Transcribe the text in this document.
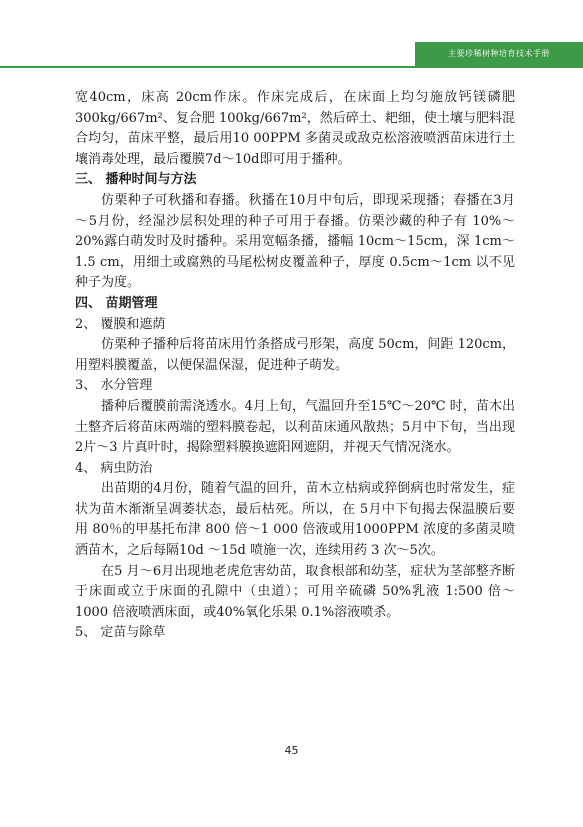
主要珍稀树种培育技术手册

宽40cm，床高 20cm作床。作床完成后，在床面上均匀施放钙镁磷肥 300kg/667m²、复合肥 100kg/667m²，然后碎土、耙细，使土壤与肥料混合均匀，苗床平整，最后用10 00PPM 多菌灵或敌克松溶液喷洒苗床进行土壤消毒处理，最后覆膜7d～10d即可用于播种。

三、 播种时间与方法

仿栗种子可秋播和春播。秋播在10月中旬后，即现采现播；春播在3月～5月份，经湿沙层积处理的种子可用于春播。仿栗沙藏的种子有 10%～20%露白萌发时及时播种。采用宽幅条播，播幅 10cm～15cm，深 1cm～1.5 cm，用细土或腐熟的马尾松树皮覆盖种子，厚度 0.5cm～1cm 以不见种子为度。

四、 苗期管理

2、 覆膜和遮荫

仿栗种子播种后将苗床用竹条搭成弓形架，高度 50cm，间距 120cm，用塑料膜覆盖，以便保温保湿，促进种子萌发。

3、 水分管理

播种后覆膜前需浇透水。4月上旬，气温回升至15℃～20℃ 时，苗木出土整齐后将苗床两端的塑料膜卷起，以利苗床通风散热；5月中下旬，当出现2片～3 片真叶时，揭除塑料膜换遮阳网遮阴，并视天气情况浇水。

4、 病虫防治

出苗期的4月份，随着气温的回升，苗木立枯病或猝倒病也时常发生，症状为苗木渐渐呈凋萎状态，最后枯死。所以，在 5月中下旬揭去保温膜后要用 80％的甲基托布津 800 倍～1 000 倍液或用1000PPM 浓度的多菌灵喷洒苗木，之后每隔10d ～15d 喷施一次，连续用药 3 次～5次。

在5 月～6月出现地老虎危害幼苗，取食根部和幼茎，症状为茎部整齐断于床面或立于床面的孔隙中（虫道）；可用辛硫磷 50%乳液 1:500 倍～1000 倍液喷洒床面，或40%氧化乐果 0.1%溶液喷杀。

5、 定苗与除草

45
